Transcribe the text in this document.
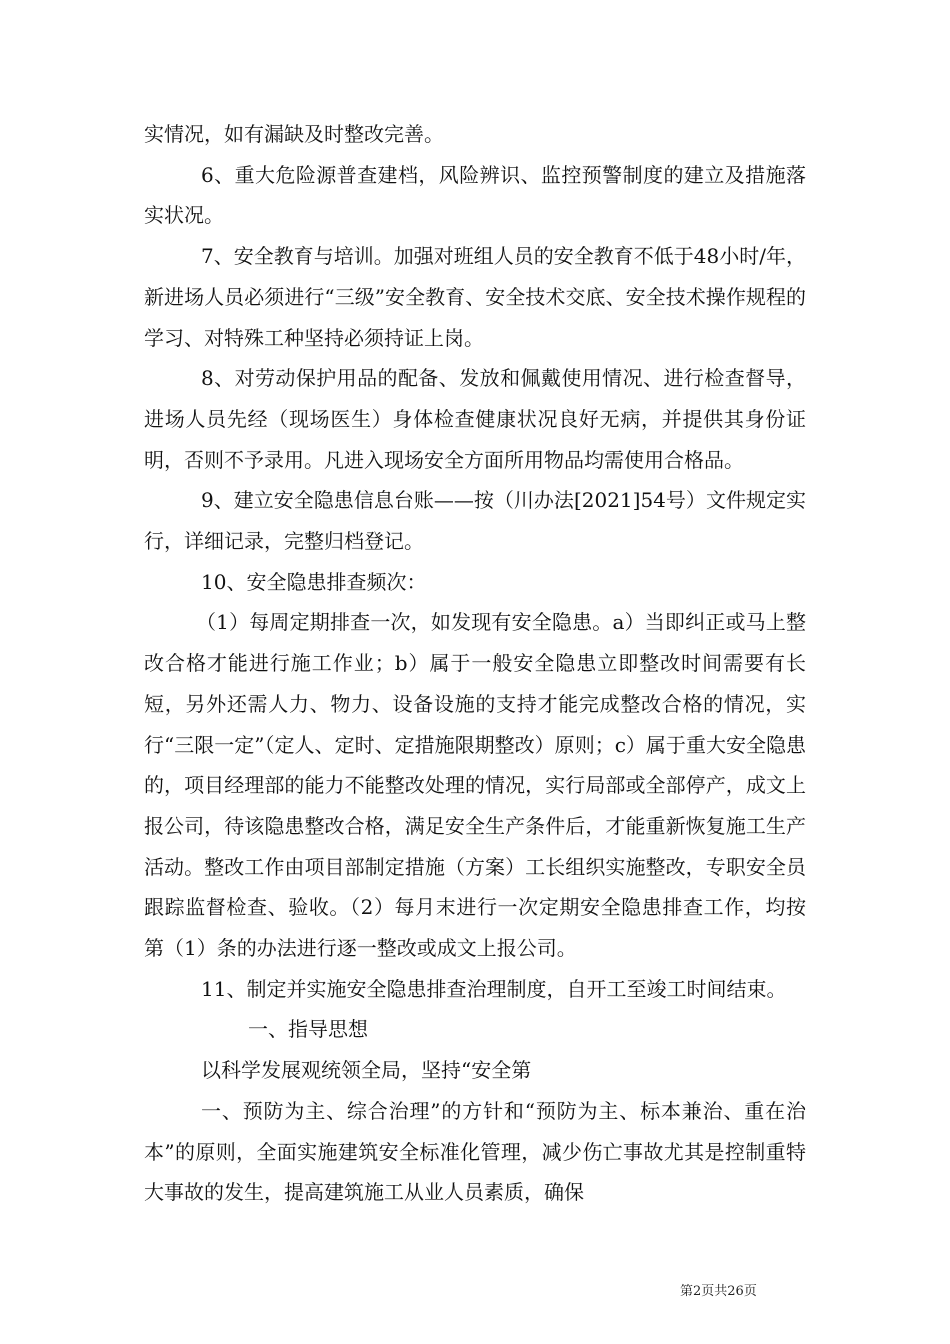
实情况，如有漏缺及时整改完善。

6、重大危险源普查建档，风险辨识、监控预警制度的建立及措施落实状况。

7、安全教育与培训。加强对班组人员的安全教育不低于48小时/年，新进场人员必须进行“三级”安全教育、安全技术交底、安全技术操作规程的学习、对特殊工种坚持必须持证上岗。

8、对劳动保护用品的配备、发放和佩戴使用情况、进行检查督导，进场人员先经（现场医生）身体检查健康状况良好无病，并提供其身份证明，否则不予录用。凡进入现场安全方面所用物品均需使用合格品。

9、建立安全隐患信息台账——按（川办法[2021]54号）文件规定实行，详细记录，完整归档登记。

10、安全隐患排查频次：

（1）每周定期排查一次，如发现有安全隐患。a）当即纠正或马上整改合格才能进行施工作业；b）属于一般安全隐患立即整改时间需要有长短，另外还需人力、物力、设备设施的支持才能完成整改合格的情况，实行“三限一定”（定人、定时、定措施限期整改）原则；c）属于重大安全隐患的，项目经理部的能力不能整改处理的情况，实行局部或全部停产，成文上报公司，待该隐患整改合格，满足安全生产条件后，才能重新恢复施工生产活动。整改工作由项目部制定措施（方案）工长组织实施整改，专职安全员跟踪监督检查、验收。（2）每月末进行一次定期安全隐患排查工作，均按第（1）条的办法进行逐一整改或成文上报公司。

11、制定并实施安全隐患排查治理制度，自开工至竣工时间结束。

一、指导思想

以科学发展观统领全局，坚持“安全第

一、预防为主、综合治理”的方针和“预防为主、标本兼治、重在治本”的原则，全面实施建筑安全标准化管理，减少伤亡事故尤其是控制重特大事故的发生，提高建筑施工从业人员素质，确保

第2页共26页
